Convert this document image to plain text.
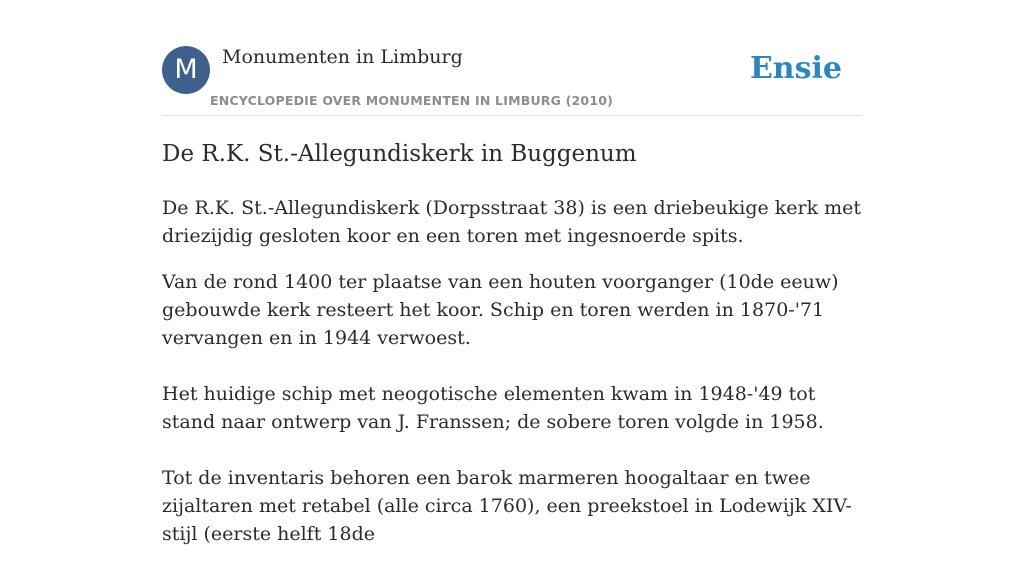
M	Monumenten in Limburg
ENCYCLOPEDIE OVER MONUMENTEN IN LIMBURG (2010)
Ensie
De R.K. St.-Allegundiskerk in Buggenum

De R.K. St.-Allegundiskerk (Dorpsstraat 38) is een driebeukige kerk met driezijdig gesloten koor en een toren met ingesnoerde spits.

Van de rond 1400 ter plaatse van een houten voorganger (10de eeuw) gebouwde kerk resteert het koor. Schip en toren werden in 1870-'71 vervangen en in 1944 verwoest.

Het huidige schip met neogotische elementen kwam in 1948-'49 tot stand naar ontwerp van J. Franssen; de sobere toren volgde in 1958.

Tot de inventaris behoren een barok marmeren hoogaltaar en twee zijaltaren met retabel (alle circa 1760), een preekstoel in Lodewijk XIV-stijl (eerste helft 18de
